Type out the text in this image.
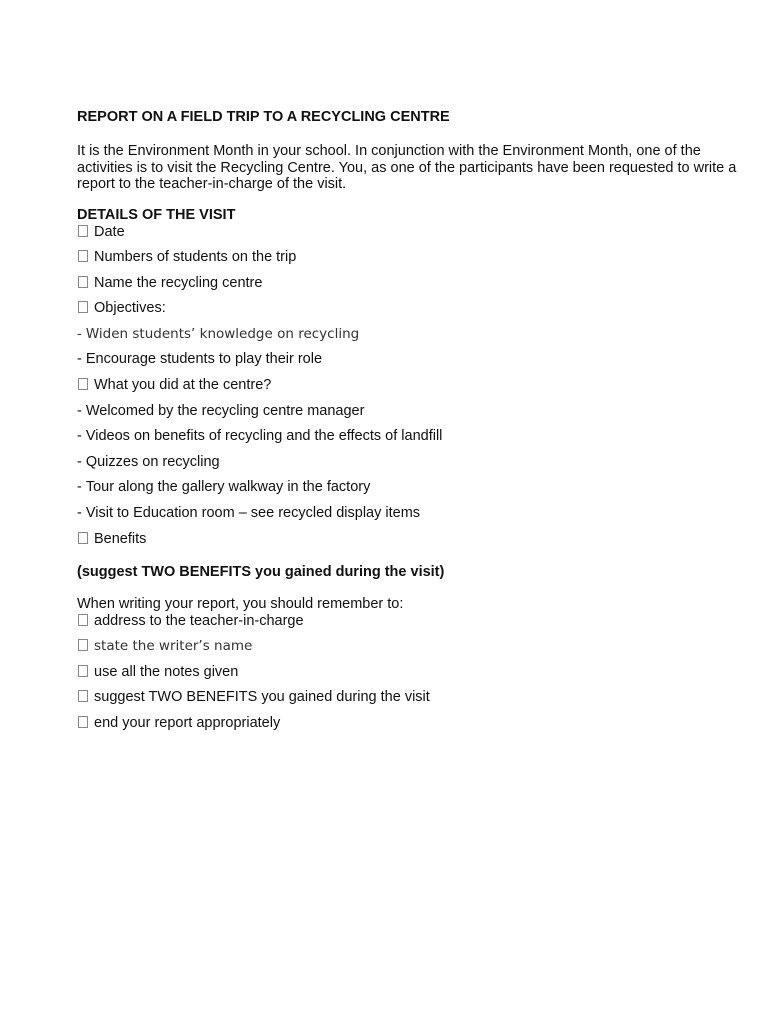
REPORT ON A FIELD TRIP TO A RECYCLING CENTRE

It is the Environment Month in your school. In conjunction with the Environment Month, one of the activities is to visit the Recycling Centre. You, as one of the participants have been requested to write a report to the teacher-in-charge of the visit.

DETAILS OF THE VISIT

Date
Numbers of students on the trip
Name the recycling centre
Objectives:
- Widen students’ knowledge on recycling
- Encourage students to play their role
What you did at the centre?
- Welcomed by the recycling centre manager
- Videos on benefits of recycling and the effects of landfill
- Quizzes on recycling
- Tour along the gallery walkway in the factory
- Visit to Education room – see recycled display items
Benefits

(suggest TWO BENEFITS you gained during the visit)

When writing your report, you should remember to:

address to the teacher-in-charge
state the writer’s name
use all the notes given
suggest TWO BENEFITS you gained during the visit
end your report appropriately
